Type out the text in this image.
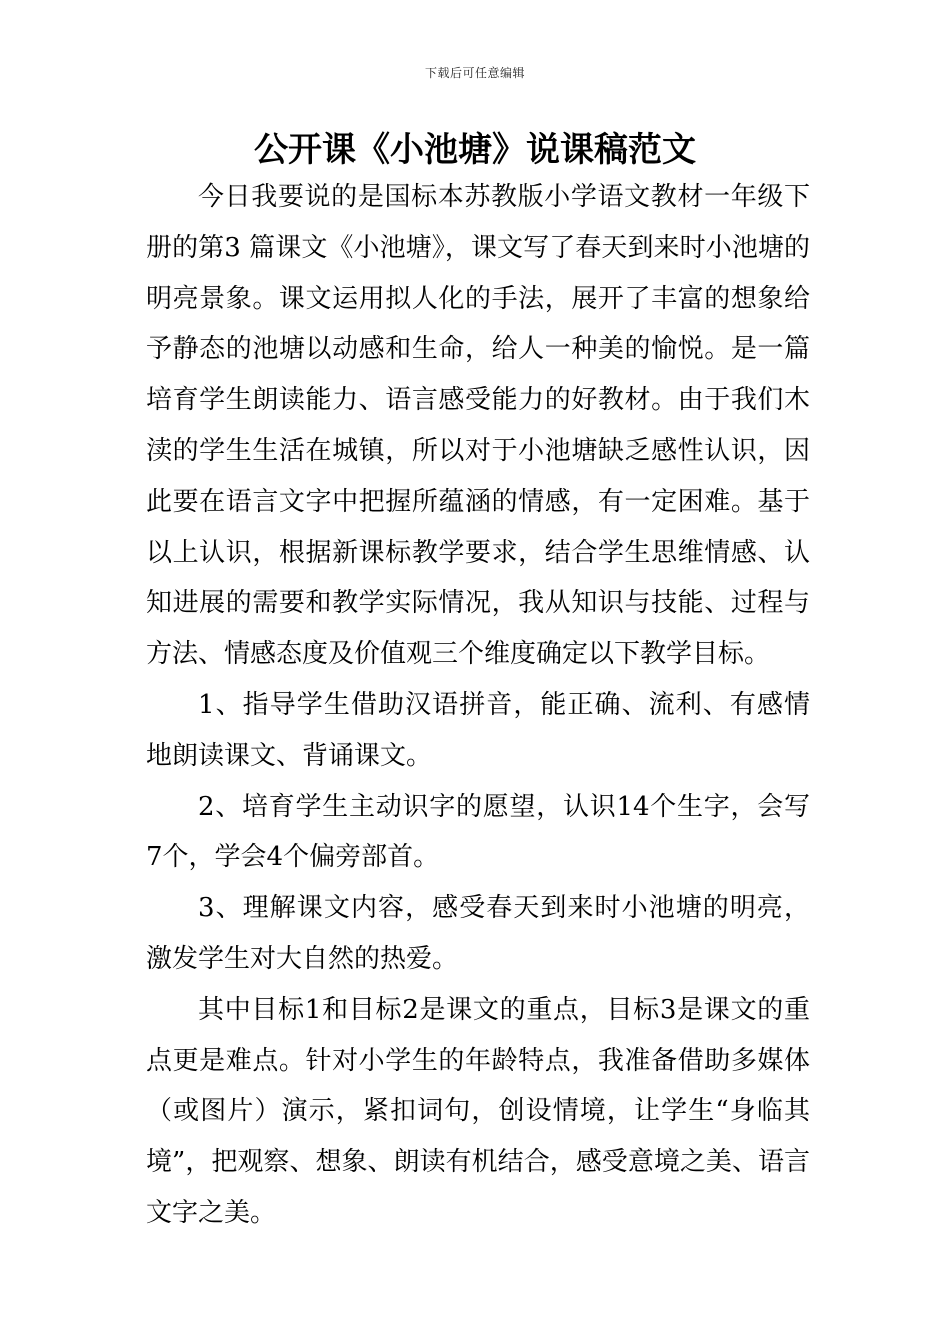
下载后可任意编辑
公开课《小池塘》说课稿范文

今日我要说的是国标本苏教版小学语文教材一年级下册的第3 篇课文《小池塘》，课文写了春天到来时小池塘的明亮景象。课文运用拟人化的手法，展开了丰富的想象给予静态的池塘以动感和生命，给人一种美的愉悦。是一篇培育学生朗读能力、语言感受能力的好教材。由于我们木渎的学生生活在城镇，所以对于小池塘缺乏感性认识，因此要在语言文字中把握所蕴涵的情感，有一定困难。基于以上认识，根据新课标教学要求，结合学生思维情感、认知进展的需要和教学实际情况，我从知识与技能、过程与方法、情感态度及价值观三个维度确定以下教学目标。

1、指导学生借助汉语拼音，能正确、流利、有感情地朗读课文、背诵课文。

2、培育学生主动识字的愿望，认识14个生字，会写7个，学会4个偏旁部首。

3、理解课文内容，感受春天到来时小池塘的明亮，激发学生对大自然的热爱。

其中目标1和目标2是课文的重点，目标3是课文的重点更是难点。针对小学生的年龄特点，我准备借助多媒体（或图片）演示，紧扣词句，创设情境，让学生“身临其境”，把观察、想象、朗读有机结合，感受意境之美、语言文字之美。
